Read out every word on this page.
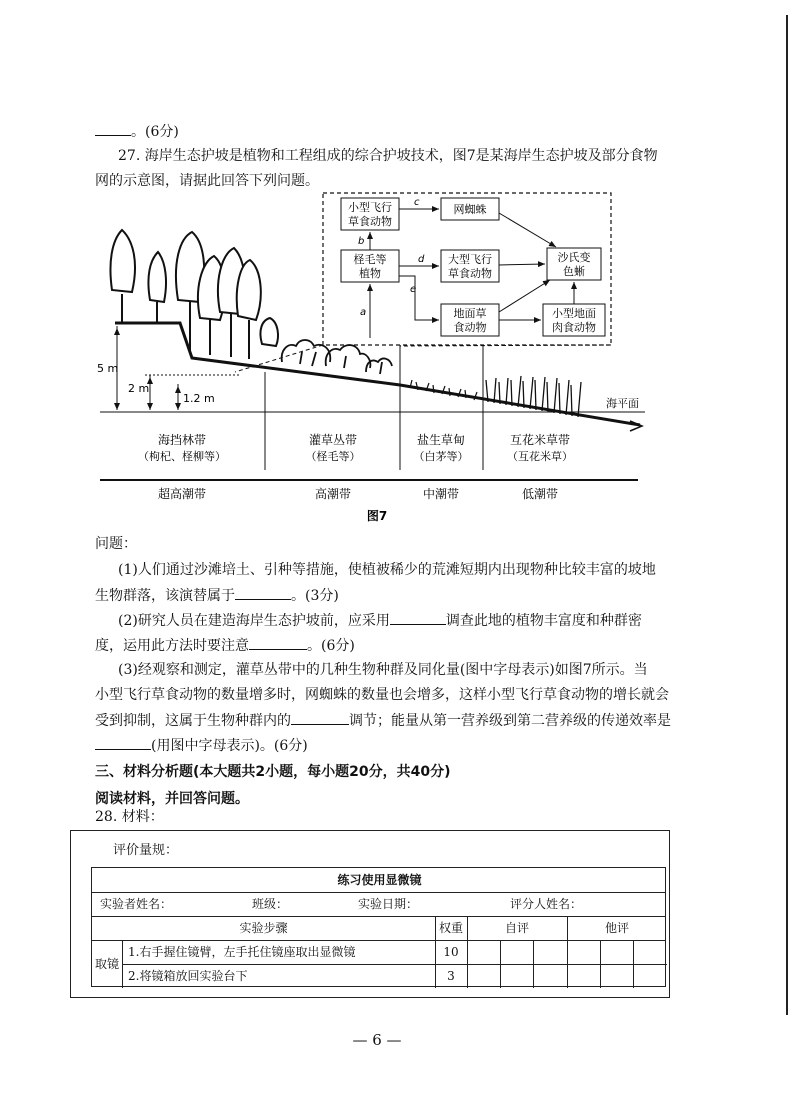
。(6分)
27. 海岸生态护坡是植物和工程组成的综合护坡技术，图7是某海岸生态护坡及部分食物
网的示意图，请据此回答下列问题。
小型飞行
草食动物
网蜘蛛
柽毛等
植物
大型飞行
草食动物
沙氏变
色蜥
地面草
食动物
小型地面
肉食动物
a
b
c
d
e
海平面
5 m
2 m
1.2 m
海挡林带
（枸杞、柽柳等）
灌草丛带
（柽毛等）
盐生草甸
（白茅等）
互花米草带
（互花米草）
超高潮带	高潮带	中潮带	低潮带
图7
问题：
(1)人们通过沙滩培土、引种等措施，使植被稀少的荒滩短期内出现物种比较丰富的坡地
生物群落，该演替属于	。(3分)
(2)研究人员在建造海岸生态护坡前，应采用	调查此地的植物丰富度和种群密
度，运用此方法时要注意	。(6分)
(3)经观察和测定，灌草丛带中的几种生物种群及同化量(图中字母表示)如图7所示。当
小型飞行草食动物的数量增多时，网蜘蛛的数量也会增多，这样小型飞行草食动物的增长就会
受到抑制，这属于生物种群内的	调节；能量从第一营养级到第二营养级的传递效率是
(用图中字母表示)。(6分)
三、材料分析题(本大题共2小题，每小题20分，共40分)
阅读材料，并回答问题。
28. 材料：
评价量规：
练习使用显微镜
实验者姓名：	班级：	实验日期：	评分人姓名：
实验步骤	权重	自评	他评
取镜
1.右手握住镜臂，左手托住镜座取出显微镜	10
2.将镜箱放回实验台下	3
— 6 —
